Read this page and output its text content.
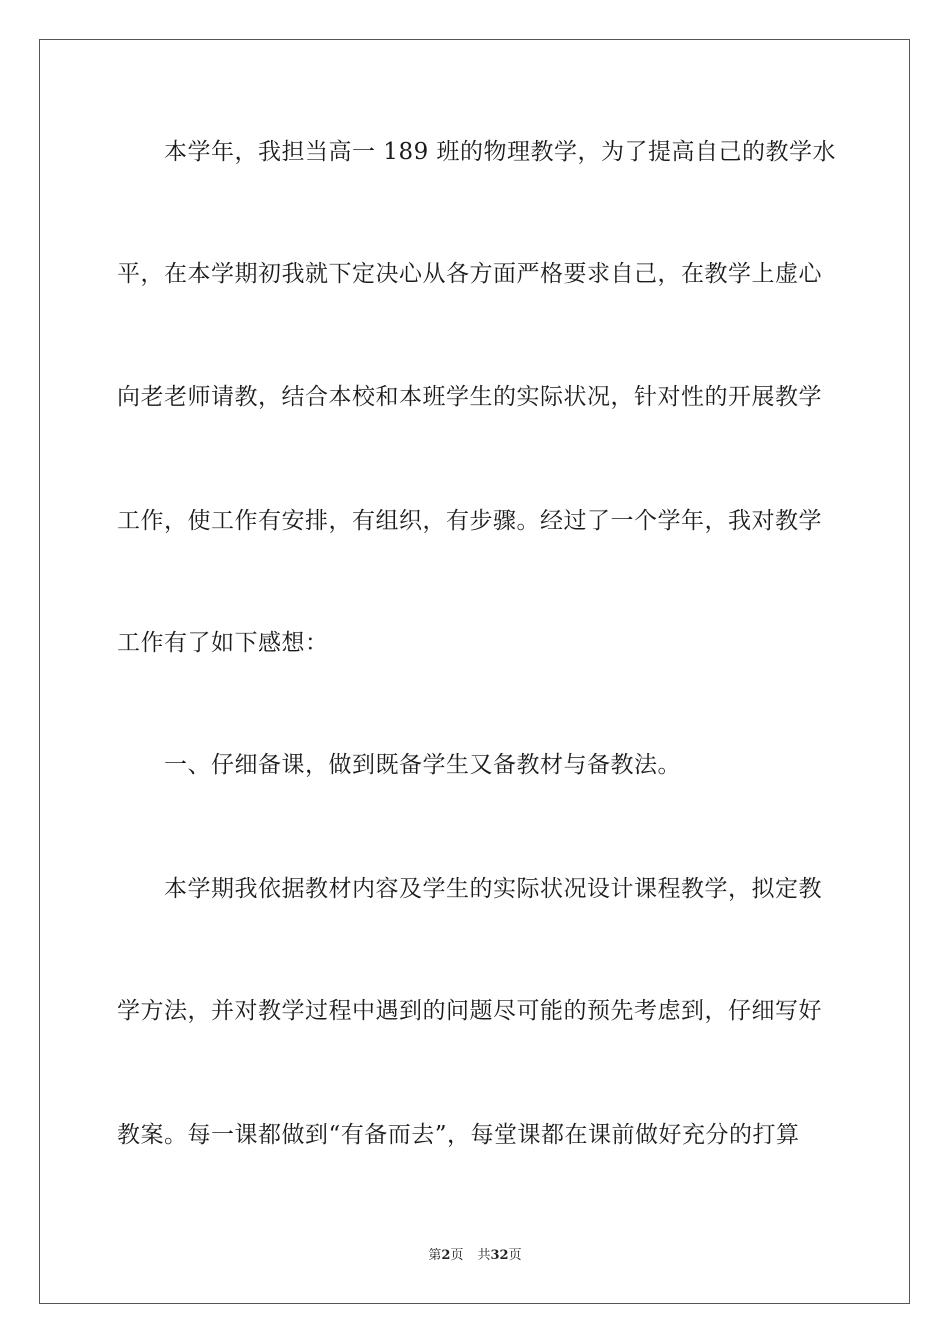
本学年，我担当高一 189 班的物理教学，为了提高自己的教学水
平，在本学期初我就下定决心从各方面严格要求自己，在教学上虚心
向老老师请教，结合本校和本班学生的实际状况，针对性的开展教学
工作，使工作有安排，有组织，有步骤。经过了一个学年，我对教学
工作有了如下感想：
一、仔细备课，做到既备学生又备教材与备教法。
本学期我依据教材内容及学生的实际状况设计课程教学，拟定教
学方法，并对教学过程中遇到的问题尽可能的预先考虑到，仔细写好
教案。每一课都做到“有备而去”，每堂课都在课前做好充分的打算
第2页 共32页
